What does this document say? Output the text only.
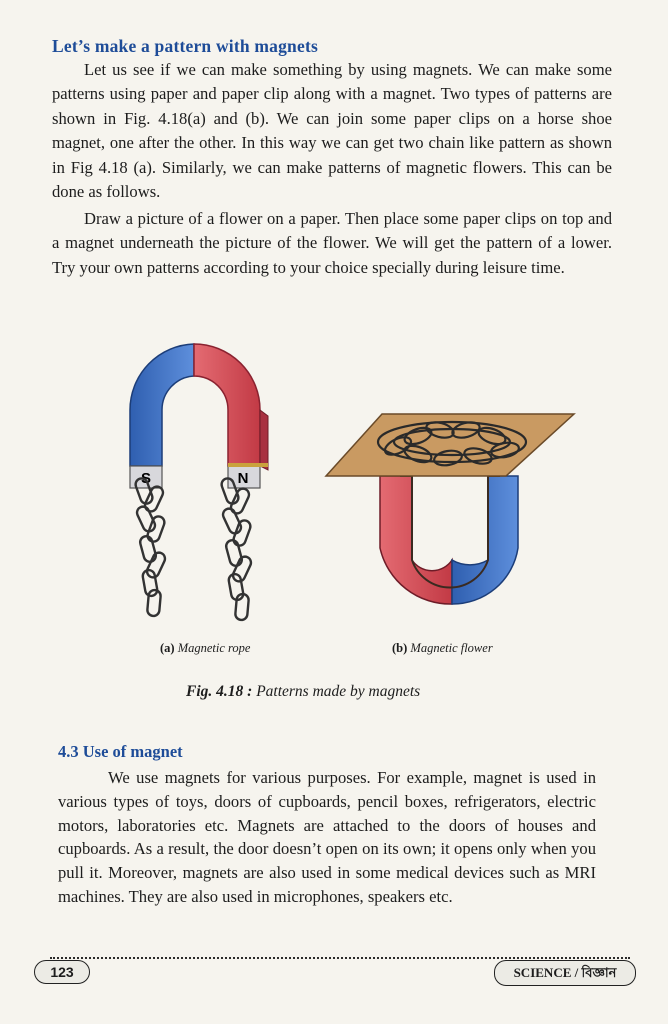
Let’s make a pattern with magnets

Let us see if we can make something by using magnets. We can make some patterns using paper and paper clip along with a magnet. Two types of patterns are shown in Fig. 4.18(a) and (b). We can join some paper clips on a horse shoe magnet, one after the other. In this way we can get two chain like pattern as shown in Fig 4.18 (a). Similarly, we can make patterns of magnetic flowers. This can be done as follows.

Draw a picture of a flower on a paper. Then place some paper clips on top and a magnet underneath the picture of the flower. We will get the pattern of a lower. Try your own patterns according to your choice specially during leisure time.

S	N
(a) Magnetic rope	(b) Magnetic flower
Fig. 4.18 : Patterns made by magnets
4.3 Use of magnet

We use magnets for various purposes. For example, magnet is used in various types of toys, doors of cupboards, pencil boxes, refrigerators, electric motors, laboratories etc. Magnets are attached to the doors of houses and cupboards. As a result, the door doesn’t open on its own; it opens only when you pull it. Moreover, magnets are also used in some medical devices such as MRI machines. They are also used in microphones, speakers etc.

123	SCIENCE / বিজ্ঞান
